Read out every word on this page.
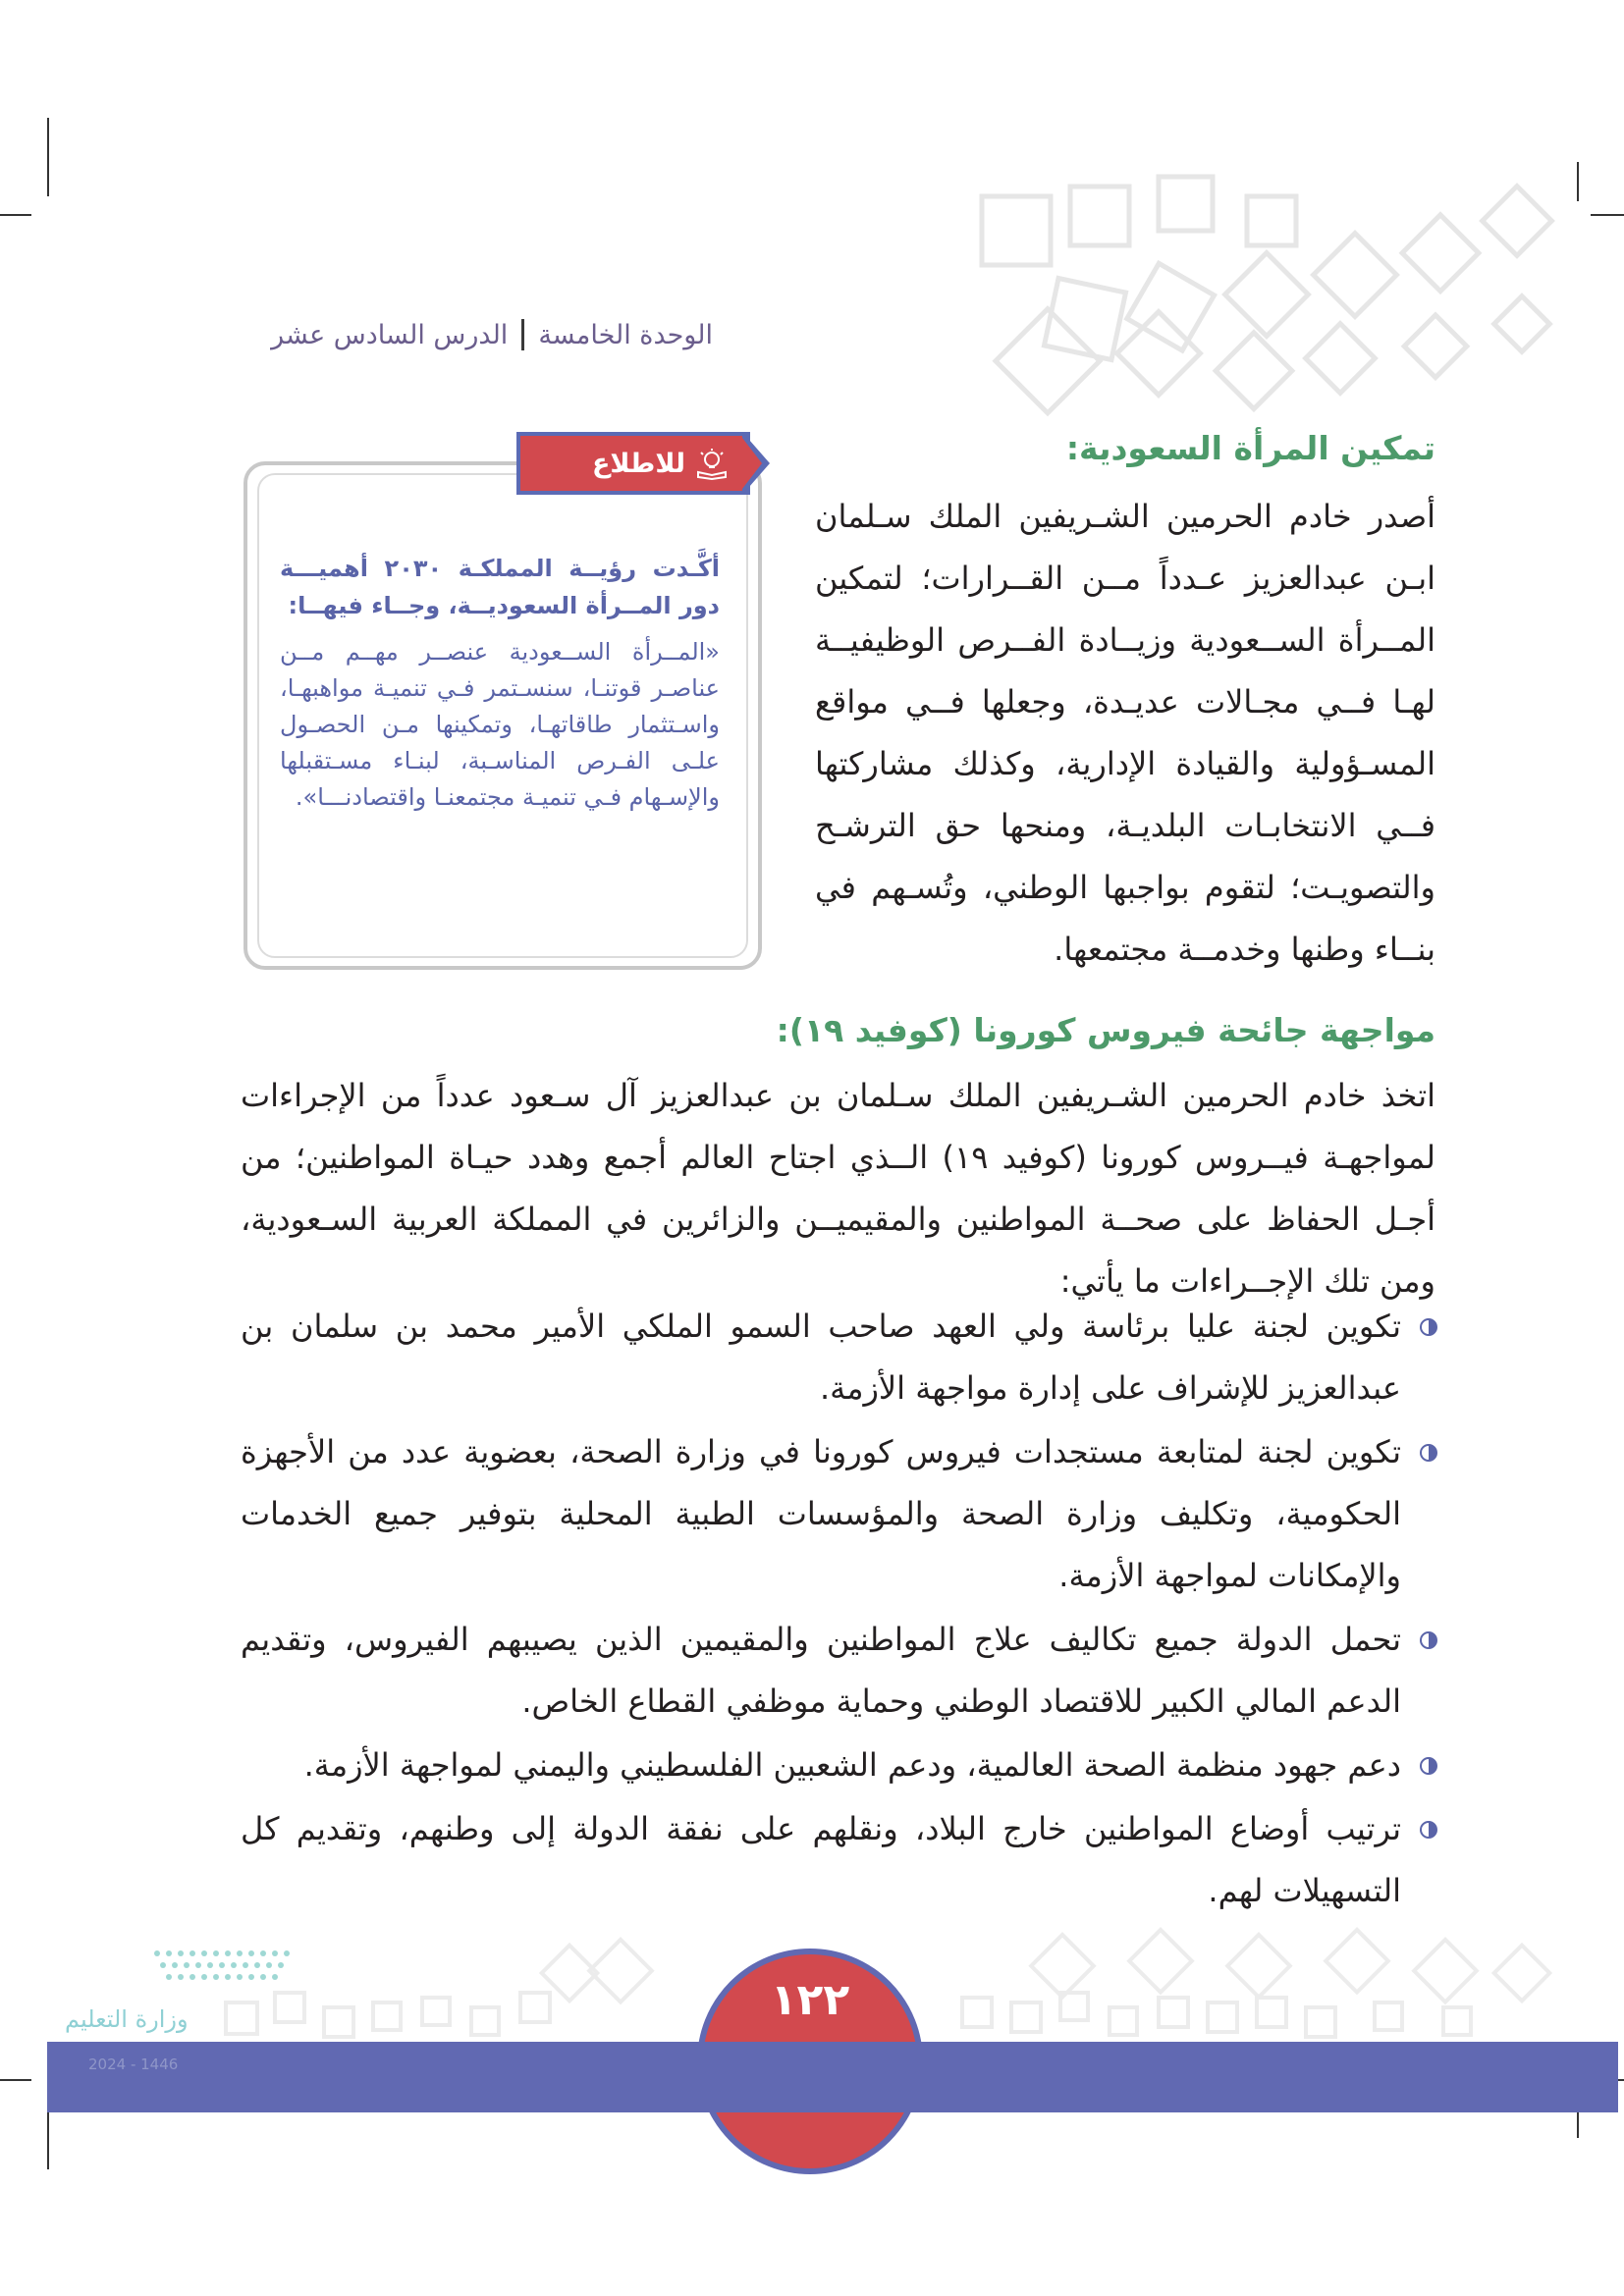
الوحدة الخامسة
الدرس السادس عشر
للاطلاع
أكَّـدت رؤيــة المملكـة ٢٠٣٠ أهميـــة دور المــرأة السعوديــة، وجــاء فيهــا:
«المــرأة الســعودية عنصــر مهــم مــن عناصـر قوتنـا، سنسـتمر فـي تنميـة مواهبهـا، واسـتثمار طاقاتهـا، وتمكينها مـن الحصـول علـى الفـرص المناسـبة، لبنـاء مسـتقبلها والإسـهام فـي تنميـة مجتمعنـا واقتصادنـــا».
تمكين المرأة السعودية:
أصدر خادم الحرمين الشـريفين الملك سـلمان ابـن عبدالعزيز عـدداً مــن القــرارات؛ لتمكين المــرأة الســعودية وزيــادة الفــرص الوظيفيــة لهـا فــي مجـالات عديـدة، وجعلها فــي مواقع المسـؤولية والقيادة الإدارية، وكذلك مشاركتها فــي الانتخابـات البلديـة، ومنحها حق الترشـح والتصويـت؛ لتقوم بواجبها الوطني، وتُسـهم في بنــاء وطنها وخدمــة مجتمعها.
مواجهة جائحة فيروس كورونا (كوفيد ١٩):
اتخذ خادم الحرمين الشـريفين الملك سـلمان بن عبدالعزيز آل سـعود عدداً من الإجراءات لمواجهـة فيــروس كورونا (كوفيد ١٩) الــذي اجتاح العالم أجمع وهدد حيـاة المواطنين؛ من أجـل الحفاظ على صحــة المواطنين والمقيميــن والزائرين في المملكة العربية السـعودية، ومن تلك الإجــراءات ما يأتي:
تكوين لجنة عليا برئاسة ولي العهد صاحب السمو الملكي الأمير محمد بن سلمان بن عبدالعزيز للإشراف على إدارة مواجهة الأزمة.
تكوين لجنة لمتابعة مستجدات فيروس كورونا في وزارة الصحة، بعضوية عدد من الأجهزة الحكومية، وتكليف وزارة الصحة والمؤسسات الطبية المحلية بتوفير جميع الخدمات والإمكانات لمواجهة الأزمة.
تحمل الدولة جميع تكاليف علاج المواطنين والمقيمين الذين يصيبهم الفيروس، وتقديم الدعم المالي الكبير للاقتصاد الوطني وحماية موظفي القطاع الخاص.
دعم جهود منظمة الصحة العالمية، ودعم الشعبين الفلسطيني واليمني لمواجهة الأزمة.
ترتيب أوضاع المواطنين خارج البلاد، ونقلهم على نفقة الدولة إلى وطنهم، وتقديم كل التسهيلات لهم.
١٢٢
وزارة التعليم
2024 - 1446
